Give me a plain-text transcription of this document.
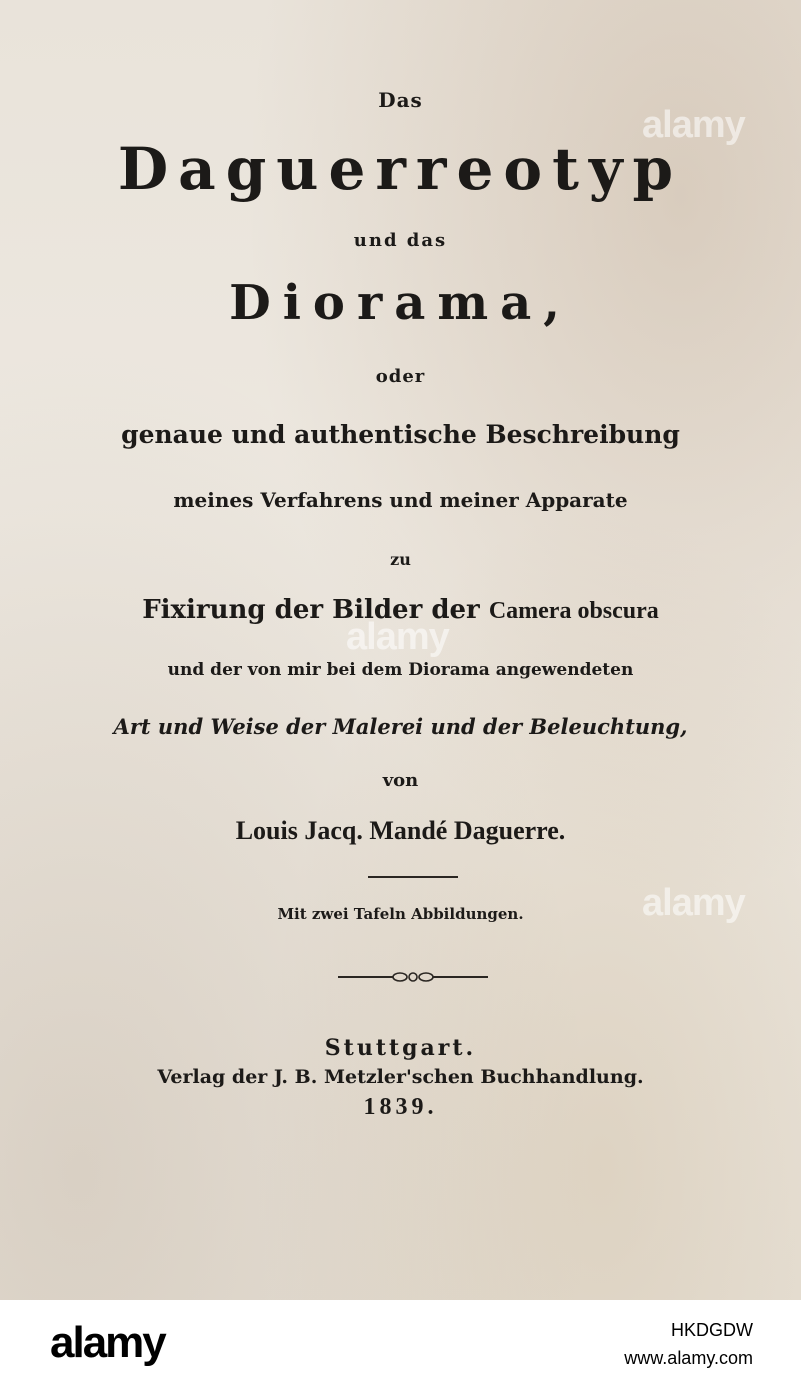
Das
Daguerreotyp
und das
Diorama,
oder
genaue und authentische Beschreibung
meines Verfahrens und meiner Apparate
zu
Fixirung der Bilder der Camera obscura
und der von mir bei dem Diorama angewendeten
Art und Weise der Malerei und der Beleuchtung,
von
Louis Jacq. Mandé Daguerre.
Mit zwei Tafeln Abbildungen.
Stuttgart.
Verlag der J. B. Metzler'schen Buchhandlung.
1839.
alamy
alamy
alamy
alamy	HKDGDW
www.alamy.com
